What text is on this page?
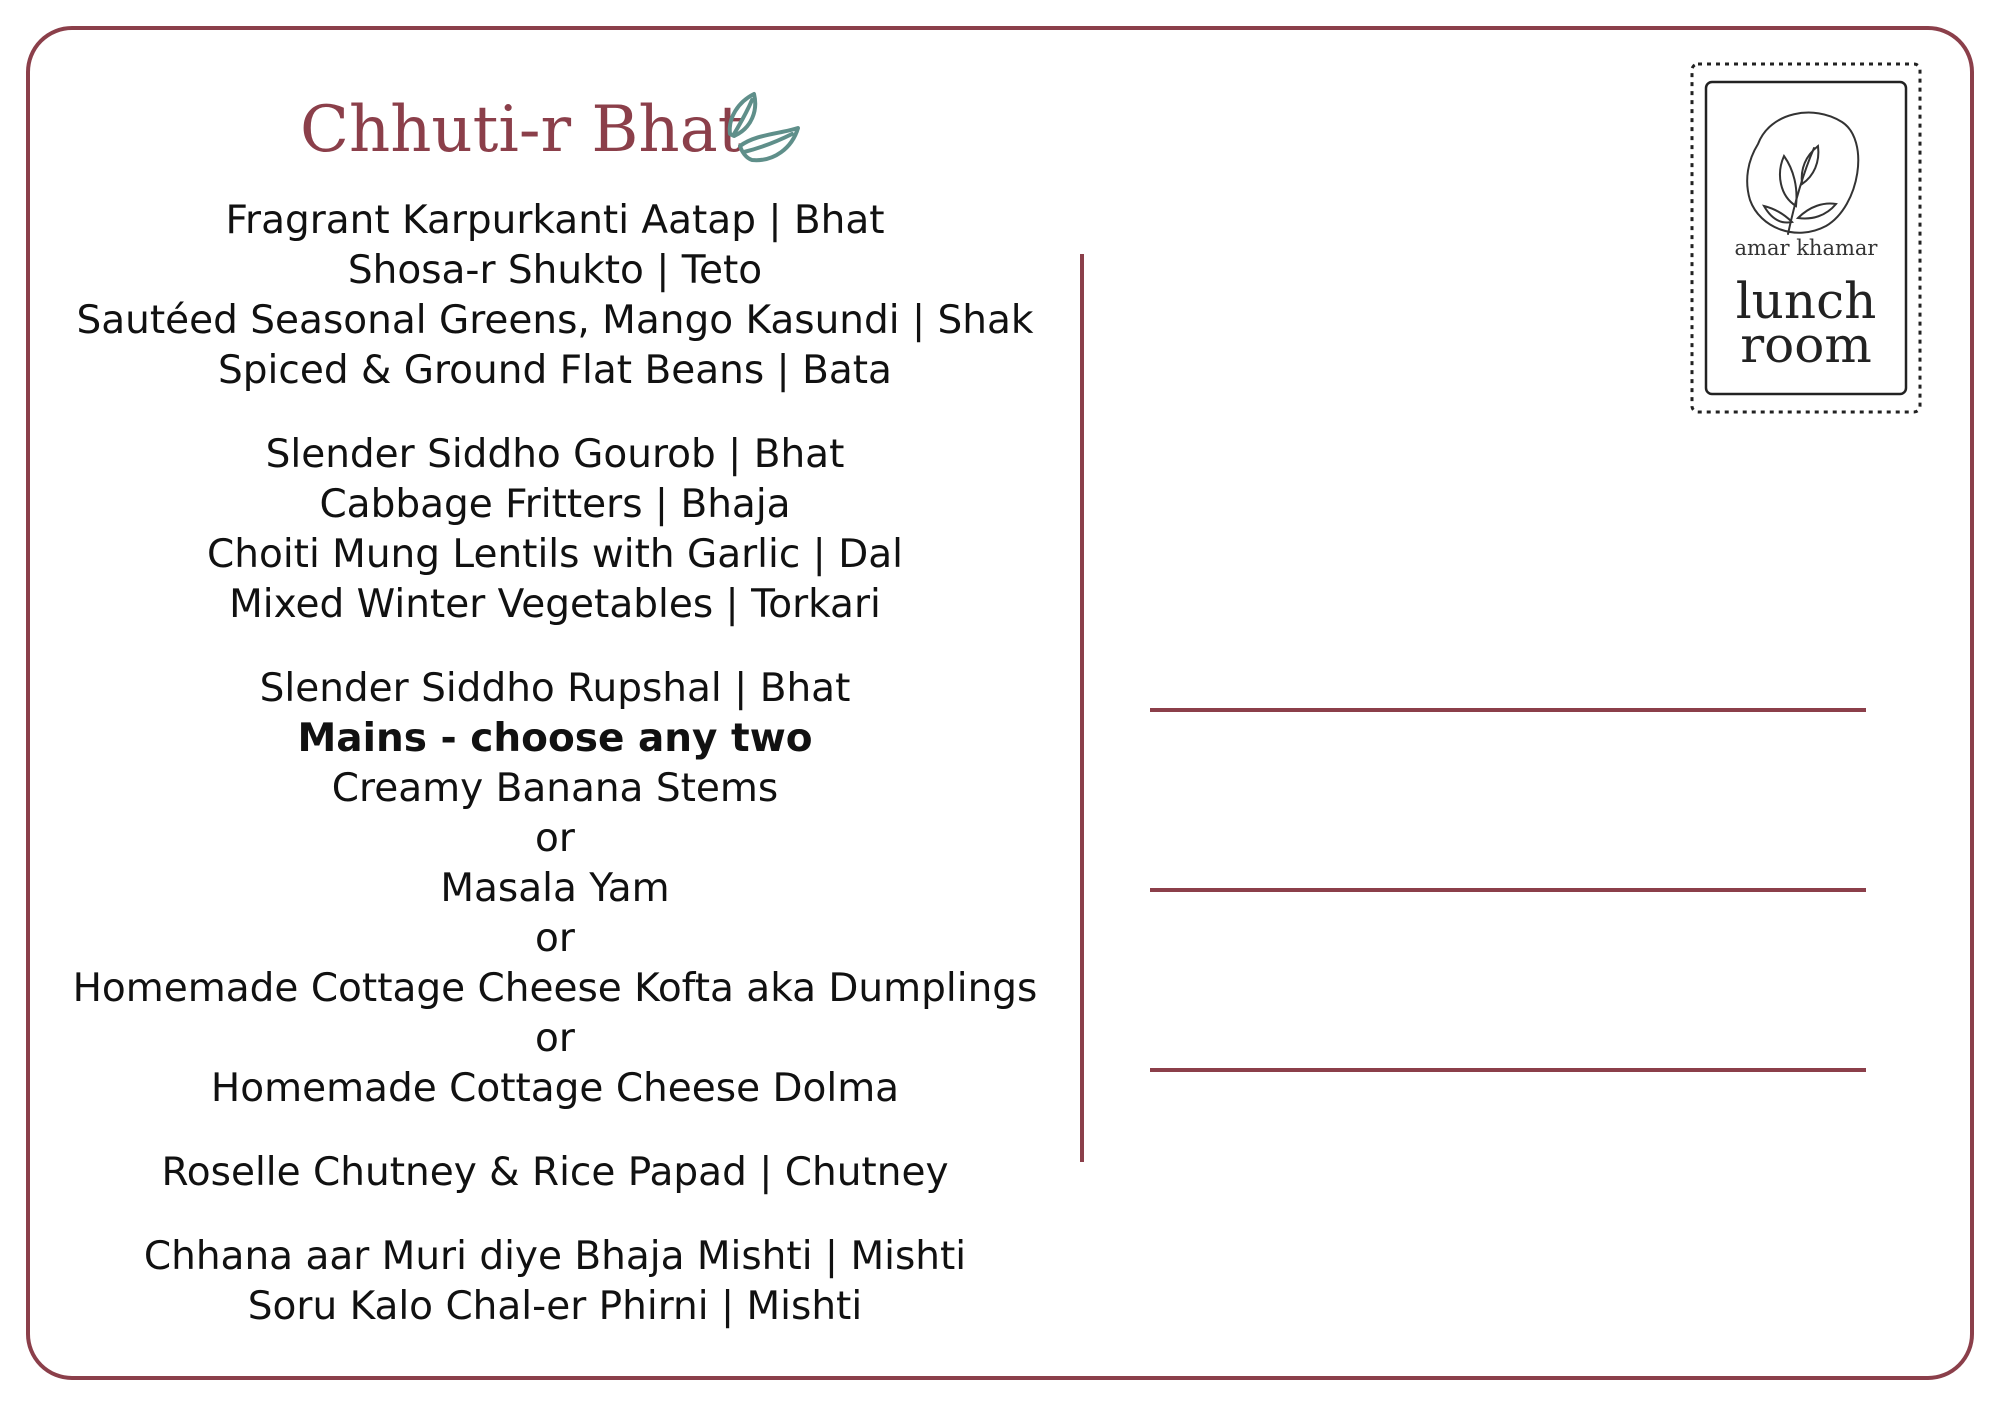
Chhuti-r Bhat
Fragrant Karpurkanti Aatap | Bhat
Shosa-r Shukto | Teto
Sautéed Seasonal Greens, Mango Kasundi | Shak
Spiced & Ground Flat Beans | Bata
Slender Siddho Gourob | Bhat
Cabbage Fritters | Bhaja
Choiti Mung Lentils with Garlic | Dal
Mixed Winter Vegetables | Torkari
Slender Siddho Rupshal | Bhat
Mains - choose any two
Creamy Banana Stems
or
Masala Yam
or
Homemade Cottage Cheese Kofta aka Dumplings
or
Homemade Cottage Cheese Dolma
Roselle Chutney & Rice Papad | Chutney
Chhana aar Muri diye Bhaja Mishti | Mishti
Soru Kalo Chal-er Phirni | Mishti
amar khamar
lunch
room
